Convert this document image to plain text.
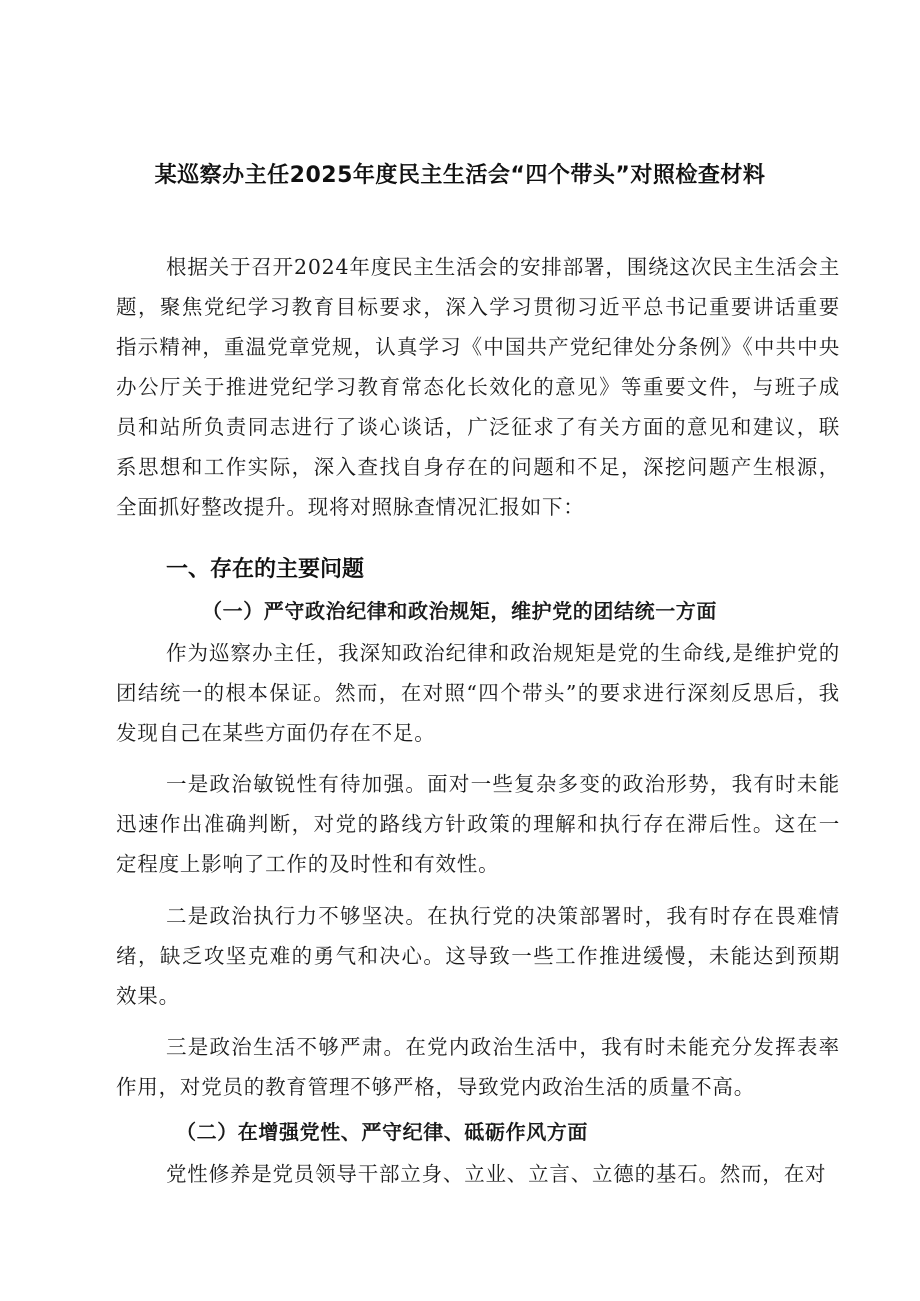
某巡察办主任2025年度民主生活会“四个带头”对照检查材料

根据关于召开2024年度民主生活会的安排部署，围绕这次民主生活会主题，聚焦党纪学习教育目标要求，深入学习贯彻习近平总书记重要讲话重要指示精神，重温党章党规，认真学习《中国共产党纪律处分条例》《中共中央办公厅关于推进党纪学习教育常态化长效化的意见》等重要文件，与班子成员和站所负责同志进行了谈心谈话，广泛征求了有关方面的意见和建议，联系思想和工作实际，深入查找自身存在的问题和不足，深挖问题产生根源，全面抓好整改提升。现将对照脉查情况汇报如下：

一、存在的主要问题
（一）严守政治纪律和政治规矩，维护党的团结统一方面

作为巡察办主任，我深知政治纪律和政治规矩是党的生命线,是维护党的团结统一的根本保证。然而，在对照“四个带头”的要求进行深刻反思后，我发现自己在某些方面仍存在不足。

一是政治敏锐性有待加强。面对一些复杂多变的政治形势，我有时未能迅速作出准确判断，对党的路线方针政策的理解和执行存在滞后性。这在一定程度上影响了工作的及时性和有效性。

二是政治执行力不够坚决。在执行党的决策部署时，我有时存在畏难情绪，缺乏攻坚克难的勇气和决心。这导致一些工作推进缓慢，未能达到预期效果。

三是政治生活不够严肃。在党内政治生活中，我有时未能充分发挥表率作用，对党员的教育管理不够严格，导致党内政治生活的质量不高。

（二）在增强党性、严守纪律、砥砺作风方面

党性修养是党员领导干部立身、立业、立言、立德的基石。然而，在对
